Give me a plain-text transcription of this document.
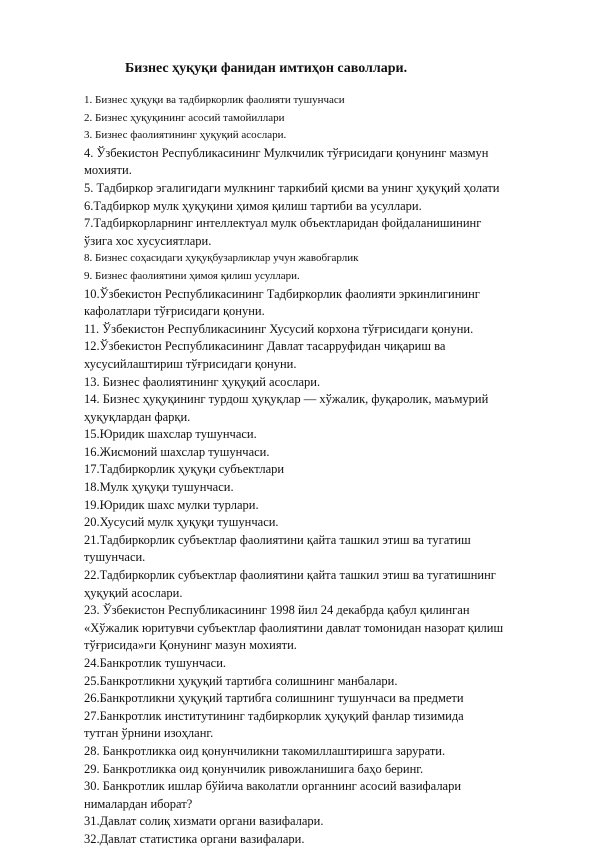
Бизнес ҳуқуқи фанидан имтиҳон саволлари.
1. Бизнес ҳуқуқи ва тадбиркорлик фаолияти тушунчаси
2. Бизнес ҳуқуқининг асосий тамойиллари
3. Бизнес фаолиятининг ҳуқуқий асослари.
4. Ўзбекистон Республикасининг Мулкчилик тўғрисидаги қонунинг мазмун
мохияти.
5. Тадбиркор эгалигидаги мулкнинг таркибий қисми ва унинг ҳуқуқий ҳолати
6.Тадбиркор мулк ҳуқуқини ҳимоя қилиш тартиби ва усуллари.
7.Тадбиркорларнинг интеллектуал мулк объектларидан фойдаланишининг
ўзига хос хусусиятлари.
8. Бизнес соҳасидаги ҳуқуқбузарликлар учун жавобгарлик
9. Бизнес фаолиятини ҳимоя қилиш усуллари.
10.Ўзбекистон Республикасининг Тадбиркорлик фаолияти эркинлигининг
кафолатлари тўғрисидаги қонуни.
11. Ўзбекистон Республикасининг Хусусий корхона тўғрисидаги қонуни.
12.Ўзбекистон Республикасининг Давлат тасарруфидан чиқариш ва
хусусийлаштириш тўғрисидаги қонуни.
13. Бизнес фаолиятининг ҳуқуқий асослари.
14. Бизнес ҳуқуқининг турдош ҳуқуқлар — хўжалик, фуқаролик, маъмурий
ҳуқуқлардан фарқи.
15.Юридик шахслар тушунчаси.
16.Жисмоний шахслар тушунчаси.
17.Тадбиркорлик ҳуқуқи субъектлари
18.Мулк ҳуқуқи тушунчаси.
19.Юридик шахс мулки турлари.
20.Хусусий мулк ҳуқуқи тушунчаси.
21.Тадбиркорлик субъектлар фаолиятини қайта ташкил этиш ва тугатиш
тушунчаси.
22.Тадбиркорлик субъектлар фаолиятини қайта ташкил этиш ва тугатишнинг
ҳуқуқий асослари.
23. Ўзбекистон Республикасининг 1998 йил 24 декабрда қабул қилинган
«Хўжалик юритувчи субъектлар фаолиятини давлат томонидан назорат қилиш
тўғрисида»ги Қонунинг мазун мохияти.
24.Банкротлик тушунчаси.
25.Банкротликни ҳуқуқий тартибга солишнинг манбалари.
26.Банкротликни ҳуқуқий тартибга солишнинг тушунчаси ва предмети
27.Банкротлик институтининг тадбиркорлик ҳуқуқий фанлар тизимида
тутган ўрнини изоҳланг.
28. Банкротликка оид қонунчиликни такомиллаштиришга зарурати.
29. Банкротликка оид қонунчилик ривожланишига баҳо беринг.
30. Банкротлик ишлар бўйича ваколатли органнинг асосий вазифалари
нималардан иборат?
31.Давлат солиқ хизмати органи вазифалари.
32.Давлат статистика органи вазифалари.
